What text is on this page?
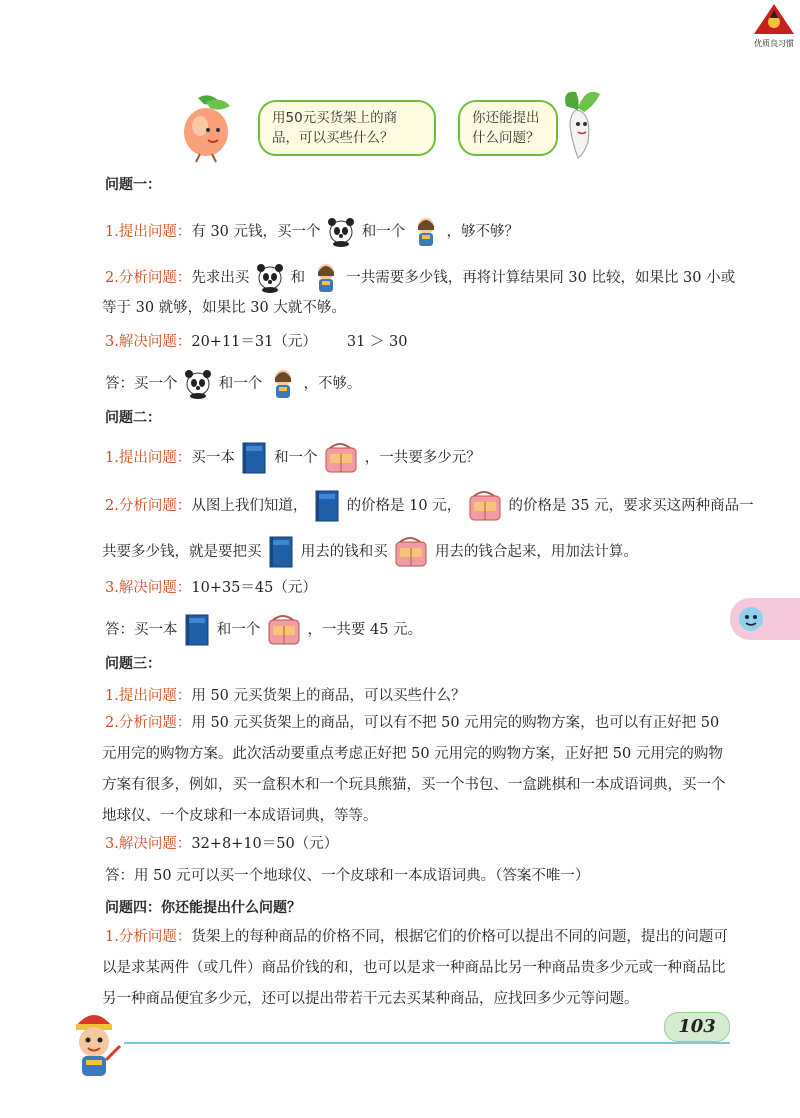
优质良习惯
用50元买货架上的商品，可以买些什么？
你还能提出什么问题？
问题一：
1.提出问题：有 30 元钱，买一个	和一个	，够不够？
2.分析问题：先求出买	和	一共需要多少钱，再将计算结果同 30 比较，如果比 30 小或
等于 30 就够，如果比 30 大就不够。
3.解决问题：20+11＝31（元） 31 ＞ 30
答：买一个	和一个	，不够。
问题二：
1.提出问题：买一本	和一个	，一共要多少元？
2.分析问题：从图上我们知道，	的价格是 10 元，	的价格是 35 元，要求买这两种商品一
共要多少钱，就是要把买	用去的钱和买	用去的钱合起来，用加法计算。
3.解决问题：10+35＝45（元）
答：买一本	和一个	，一共要 45 元。
问题三：
1.提出问题：用 50 元买货架上的商品，可以买些什么？
2.分析问题：用 50 元买货架上的商品，可以有不把 50 元用完的购物方案，也可以有正好把 50 元用完的购物方案。此次活动要重点考虑正好把 50 元用完的购物方案，正好把 50 元用完的购物方案有很多，例如，买一盒积木和一个玩具熊猫，买一个书包、一盒跳棋和一本成语词典，买一个地球仪、一个皮球和一本成语词典，等等。
3.解决问题：32+8+10＝50（元）
答：用 50 元可以买一个地球仪、一个皮球和一本成语词典。（答案不唯一）
问题四：你还能提出什么问题？
1.分析问题：货架上的每种商品的价格不同，根据它们的价格可以提出不同的问题，提出的问题可以是求某两件（或几件）商品价钱的和，也可以是求一种商品比另一种商品贵多少元或一种商品比另一种商品便宜多少元，还可以提出带若干元去买某种商品，应找回多少元等问题。
103
